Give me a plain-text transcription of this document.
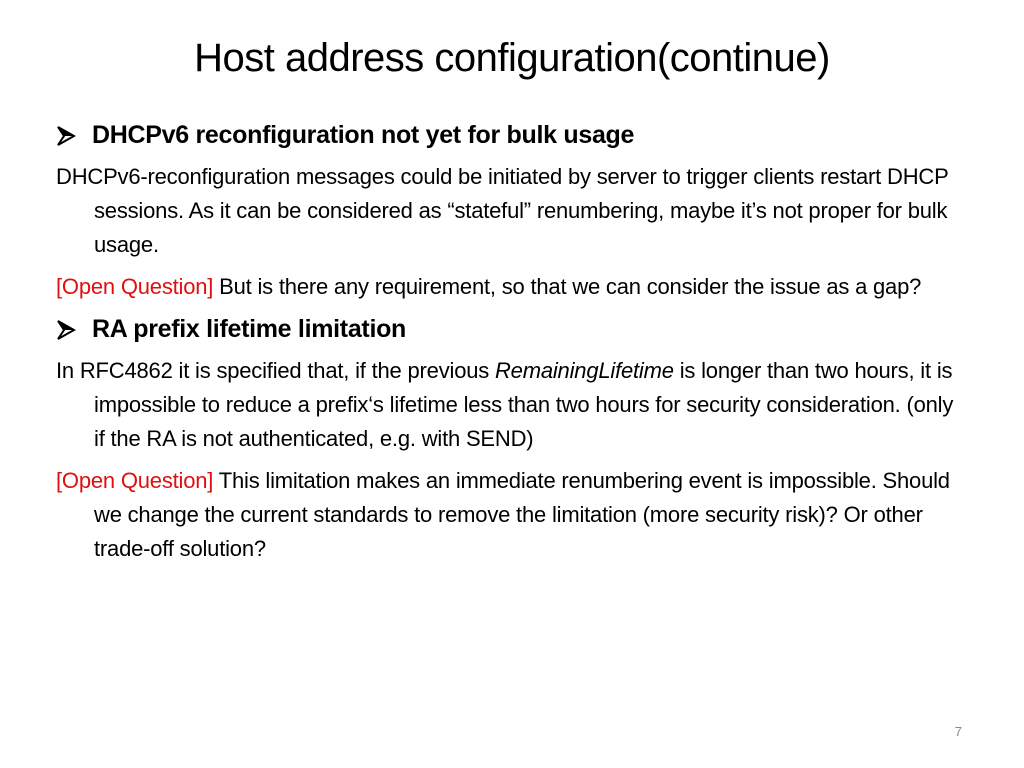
Host address configuration(continue)
DHCPv6 reconfiguration not yet for bulk usage
DHCPv6-reconfiguration messages could be initiated by server to trigger clients restart DHCP sessions. As it can be considered as “stateful” renumbering, maybe it’s not proper for bulk usage.
[Open Question] But is there any requirement, so that we can consider the issue as a gap?
RA prefix lifetime limitation
In RFC4862 it is specified that, if the previous RemainingLifetime is longer than two hours, it is impossible to reduce a prefix‘s lifetime less than two hours for security consideration. (only if the RA is not authenticated, e.g. with SEND)
[Open Question] This limitation makes an immediate renumbering event is impossible. Should we change the current standards to remove the limitation (more security risk)? Or other trade-off solution?
7
